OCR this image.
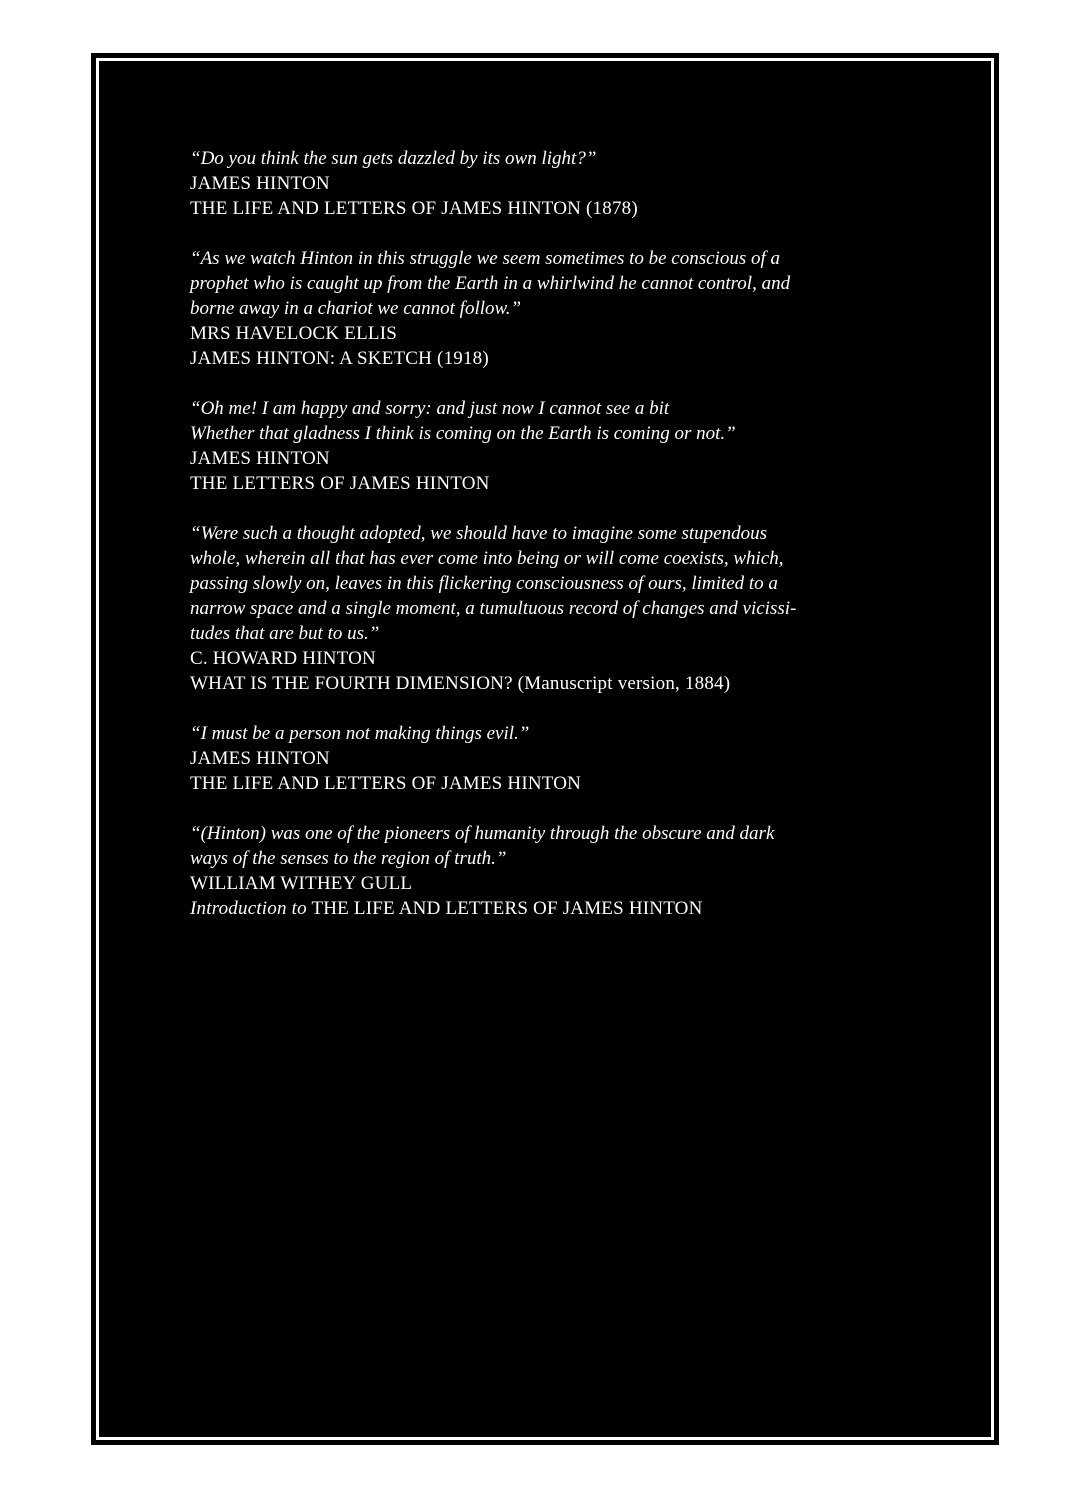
“Do you think the sun gets dazzled by its own light?”
JAMES HINTON
THE LIFE AND LETTERS OF JAMES HINTON (1878)
“As we watch Hinton in this struggle we seem sometimes to be conscious of a
prophet who is caught up from the Earth in a whirlwind he cannot control, and
borne away in a chariot we cannot follow.”
MRS HAVELOCK ELLIS
JAMES HINTON: A SKETCH (1918)
“Oh me! I am happy and sorry: and just now I cannot see a bit
Whether that gladness I think is coming on the Earth is coming or not.”
JAMES HINTON
THE LETTERS OF JAMES HINTON
“Were such a thought adopted, we should have to imagine some stupendous
whole, wherein all that has ever come into being or will come coexists, which,
passing slowly on, leaves in this flickering consciousness of ours, limited to a
narrow space and a single moment, a tumultuous record of changes and vicissi-
tudes that are but to us.”
C. HOWARD HINTON
WHAT IS THE FOURTH DIMENSION? (Manuscript version, 1884)
“I must be a person not making things evil.”
JAMES HINTON
THE LIFE AND LETTERS OF JAMES HINTON
“(Hinton) was one of the pioneers of humanity through the obscure and dark
ways of the senses to the region of truth.”
WILLIAM WITHEY GULL
Introduction to THE LIFE AND LETTERS OF JAMES HINTON
